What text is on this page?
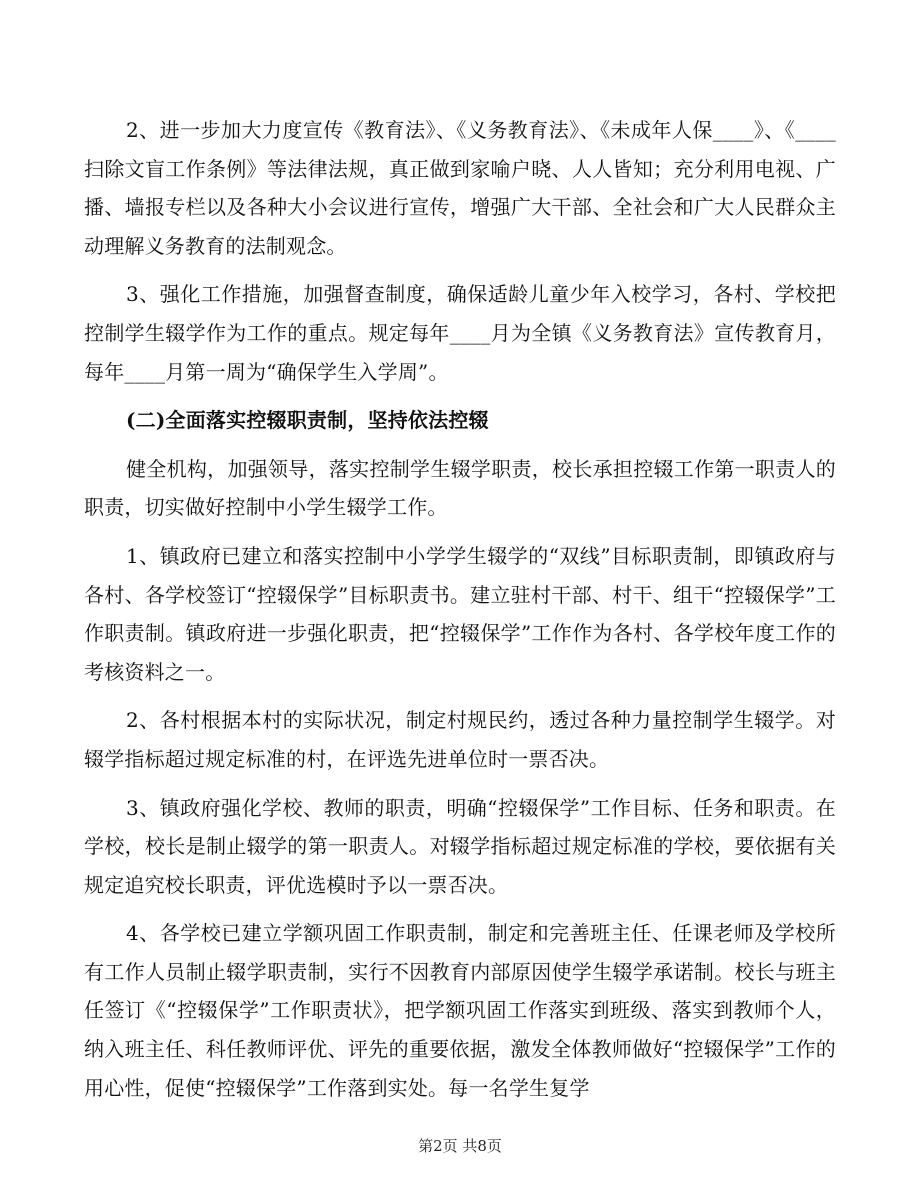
2、进一步加大力度宣传《教育法》、《义务教育法》、《未成年人保____》、《____扫除文盲工作条例》等法律法规，真正做到家喻户晓、人人皆知；充分利用电视、广播、墙报专栏以及各种大小会议进行宣传，增强广大干部、全社会和广大人民群众主动理解义务教育的法制观念。

3、强化工作措施，加强督查制度，确保适龄儿童少年入校学习，各村、学校把控制学生辍学作为工作的重点。规定每年____月为全镇《义务教育法》宣传教育月，每年____月第一周为“确保学生入学周”。

(二)全面落实控辍职责制，坚持依法控辍

健全机构，加强领导，落实控制学生辍学职责，校长承担控辍工作第一职责人的职责，切实做好控制中小学生辍学工作。

1、镇政府已建立和落实控制中小学学生辍学的“双线”目标职责制，即镇政府与各村、各学校签订“控辍保学”目标职责书。建立驻村干部、村干、组干“控辍保学”工作职责制。镇政府进一步强化职责，把“控辍保学”工作作为各村、各学校年度工作的考核资料之一。

2、各村根据本村的实际状况，制定村规民约，透过各种力量控制学生辍学。对辍学指标超过规定标准的村，在评选先进单位时一票否决。

3、镇政府强化学校、教师的职责，明确“控辍保学”工作目标、任务和职责。在学校，校长是制止辍学的第一职责人。对辍学指标超过规定标准的学校，要依据有关规定追究校长职责，评优选模时予以一票否决。

4、各学校已建立学额巩固工作职责制，制定和完善班主任、任课老师及学校所有工作人员制止辍学职责制，实行不因教育内部原因使学生辍学承诺制。校长与班主任签订《“控辍保学”工作职责状》，把学额巩固工作落实到班级、落实到教师个人，纳入班主任、科任教师评优、评先的重要依据，激发全体教师做好“控辍保学”工作的用心性，促使“控辍保学”工作落到实处。每一名学生复学

第2页 共8页
